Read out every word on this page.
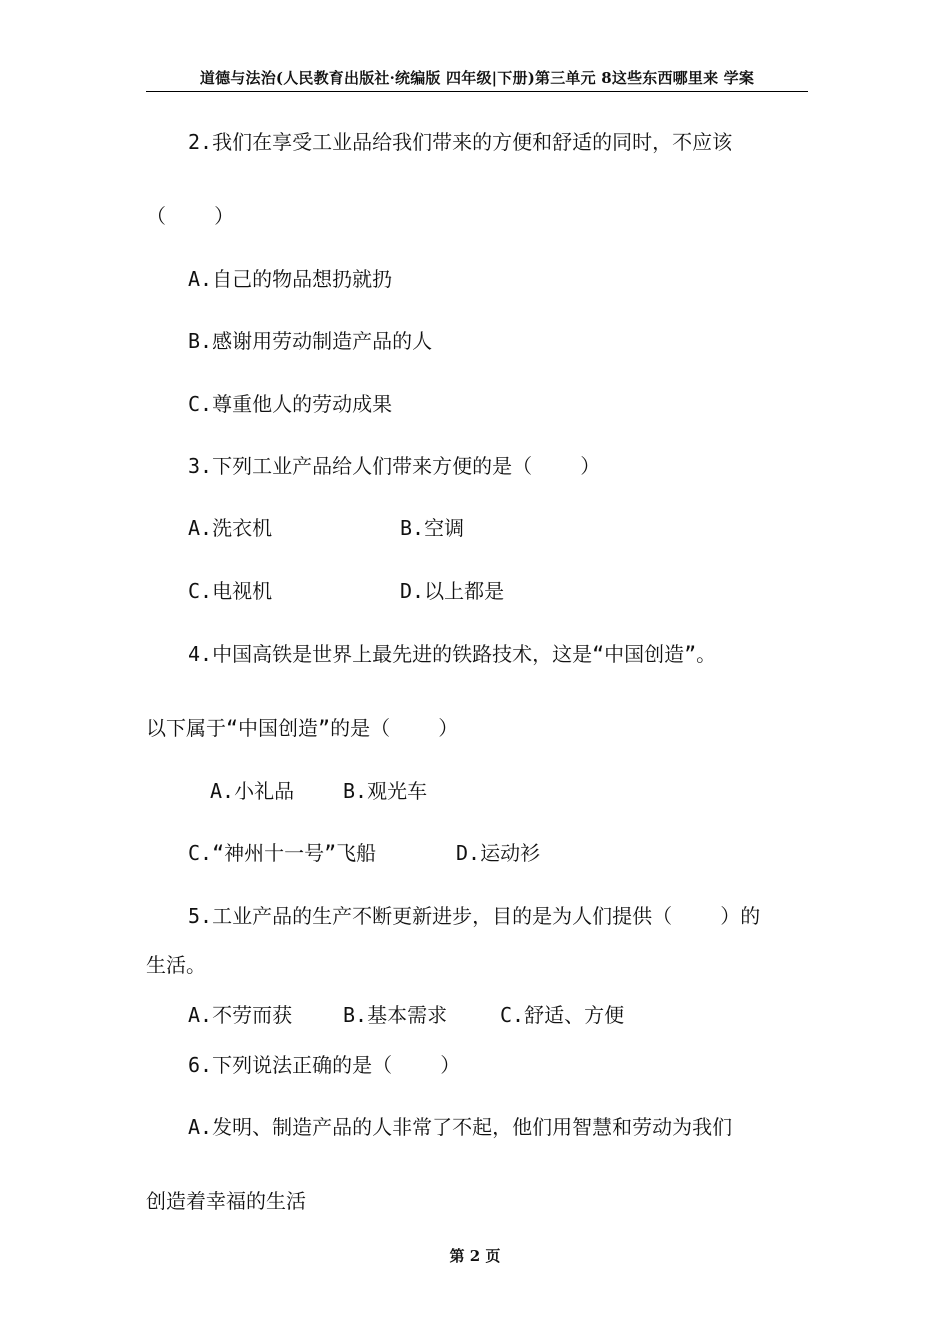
道德与法治(人民教育出版社·统编版 四年级|下册)第三单元 8这些东西哪里来 学案
2.我们在享受工业品给我们带来的方便和舒适的同时，不应该
（    ）
A.自己的物品想扔就扔
B.感谢用劳动制造产品的人
C.尊重他人的劳动成果
3.下列工业产品给人们带来方便的是（    ）
A.洗衣机	B.空调
C.电视机	D.以上都是
4.中国高铁是世界上最先进的铁路技术，这是“中国创造”。
以下属于“中国创造”的是（    ）
A.小礼品 B.观光车
C.“神州十一号”飞船	D.运动衫
5.工业产品的生产不断更新进步，目的是为人们提供（    ）的
生活。
A.不劳而获	B.基本需求	C.舒适、方便
6.下列说法正确的是（    ）
A.发明、制造产品的人非常了不起，他们用智慧和劳动为我们
创造着幸福的生活
第 2 页
